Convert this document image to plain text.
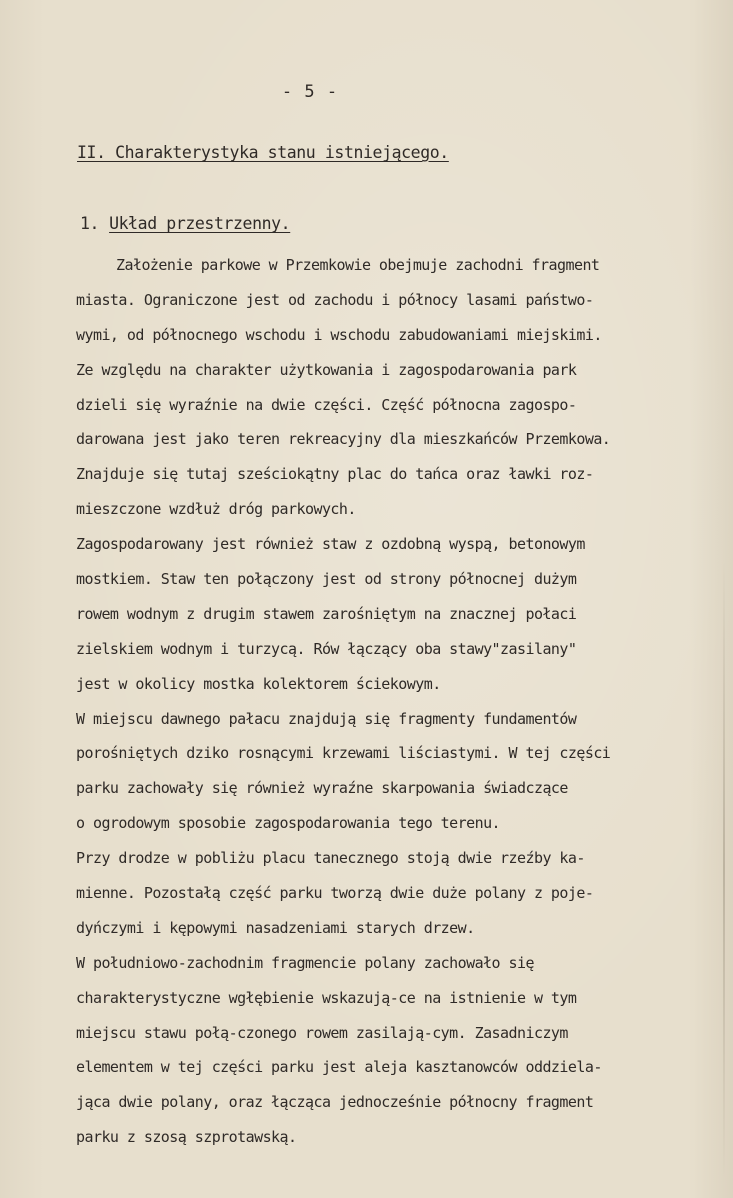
- 5 -
II. Charakterystyka stanu istniejącego.
1. Układ przestrzenny.
Założenie parkowe w Przemkowie obejmuje zachodni fragment
miasta. Ograniczone jest od zachodu i północy lasami państwo-
wymi, od północnego wschodu i wschodu zabudowaniami miejskimi.
Ze względu na charakter użytkowania i zagospodarowania park
dzieli się wyraźnie na dwie części. Część północna zagospo-
darowana jest jako teren rekreacyjny dla mieszkańców Przemkowa.
Znajduje się tutaj sześciokątny plac do tańca oraz ławki roz-
mieszczone wzdłuż dróg parkowych.
Zagospodarowany jest również staw z ozdobną wyspą, betonowym
mostkiem. Staw ten połączony jest od strony północnej dużym
rowem wodnym z drugim stawem zarośniętym na znacznej połaci
zielskiem wodnym i turzycą. Rów łączący oba stawy"zasilany"
jest w okolicy mostka kolektorem ściekowym.
W miejscu dawnego pałacu znajdują się fragmenty fundamentów
porośniętych dziko rosnącymi krzewami liściastymi. W tej części
parku zachowały się również wyraźne skarpowania świadczące
o ogrodowym sposobie zagospodarowania tego terenu.
Przy drodze w pobliżu placu tanecznego stoją dwie rzeźby ka-
mienne. Pozostałą część parku tworzą dwie duże polany z poje-
dyńczymi i kępowymi nasadzeniami starych drzew.
W południowo-zachodnim fragmencie polany zachowało się
charakterystyczne wgłębienie wskazują-ce na istnienie w tym
miejscu stawu połą-czonego rowem zasilają-cym. Zasadniczym
elementem w tej części parku jest aleja kasztanowców oddziela-
jąca dwie polany, oraz łącząca jednocześnie północny fragment
parku z szosą szprotawską.
